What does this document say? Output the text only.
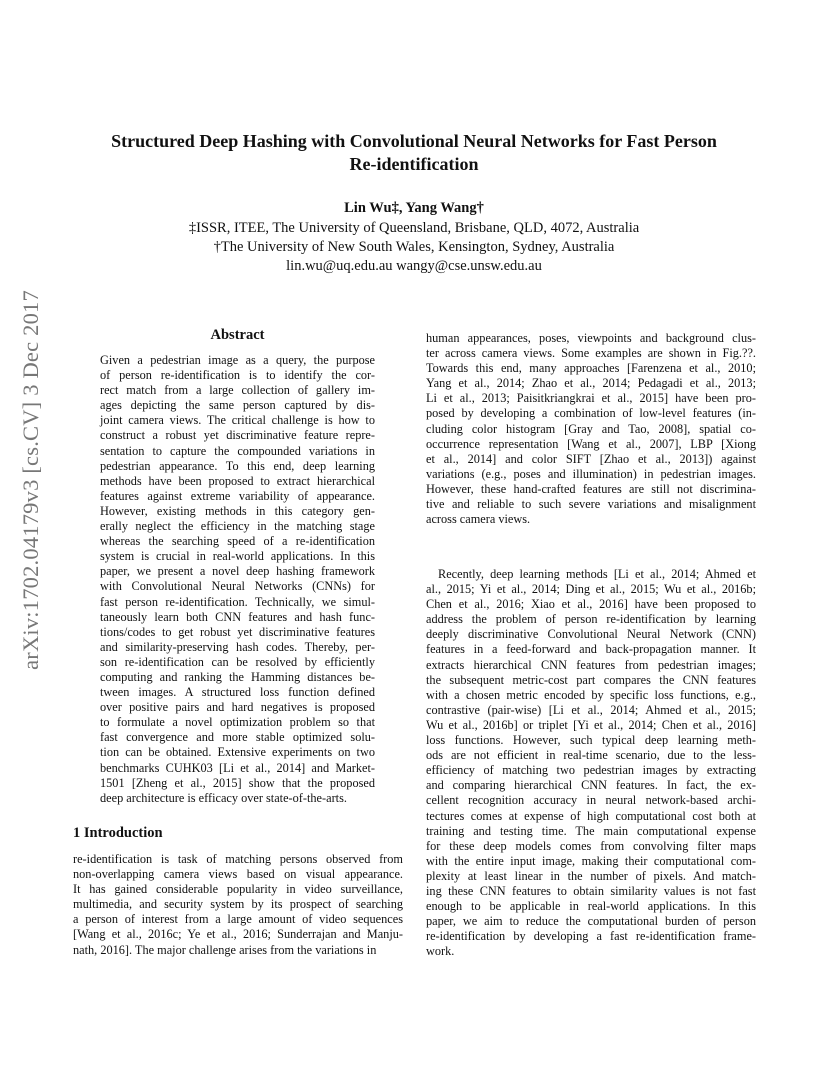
arXiv:1702.04179v3 [cs.CV] 3 Dec 2017
Structured Deep Hashing with Convolutional Neural Networks for Fast Person
Re-identification
Lin Wu‡, Yang Wang†
‡ISSR, ITEE, The University of Queensland, Brisbane, QLD, 4072, Australia
†The University of New South Wales, Kensington, Sydney, Australia
lin.wu@uq.edu.au wangy@cse.unsw.edu.au
Abstract
Given a pedestrian image as a query, the purpose
of person re-identification is to identify the cor-
rect match from a large collection of gallery im-
ages depicting the same person captured by dis-
joint camera views. The critical challenge is how to
construct a robust yet discriminative feature repre-
sentation to capture the compounded variations in
pedestrian appearance. To this end, deep learning
methods have been proposed to extract hierarchical
features against extreme variability of appearance.
However, existing methods in this category gen-
erally neglect the efficiency in the matching stage
whereas the searching speed of a re-identification
system is crucial in real-world applications. In this
paper, we present a novel deep hashing framework
with Convolutional Neural Networks (CNNs) for
fast person re-identification. Technically, we simul-
taneously learn both CNN features and hash func-
tions/codes to get robust yet discriminative features
and similarity-preserving hash codes. Thereby, per-
son re-identification can be resolved by efficiently
computing and ranking the Hamming distances be-
tween images. A structured loss function defined
over positive pairs and hard negatives is proposed
to formulate a novel optimization problem so that
fast convergence and more stable optimized solu-
tion can be obtained. Extensive experiments on two
benchmarks CUHK03 [Li et al., 2014] and Market-
1501 [Zheng et al., 2015] show that the proposed
deep architecture is efficacy over state-of-the-arts.
1 Introduction
re-identification is task of matching persons observed from
non-overlapping camera views based on visual appearance.
It has gained considerable popularity in video surveillance,
multimedia, and security system by its prospect of searching
a person of interest from a large amount of video sequences
[Wang et al., 2016c; Ye et al., 2016; Sunderrajan and Manju-
nath, 2016]. The major challenge arises from the variations in
human appearances, poses, viewpoints and background clus-
ter across camera views. Some examples are shown in Fig.??.
Towards this end, many approaches [Farenzena et al., 2010;
Yang et al., 2014; Zhao et al., 2014; Pedagadi et al., 2013;
Li et al., 2013; Paisitkriangkrai et al., 2015] have been pro-
posed by developing a combination of low-level features (in-
cluding color histogram [Gray and Tao, 2008], spatial co-
occurrence representation [Wang et al., 2007], LBP [Xiong
et al., 2014] and color SIFT [Zhao et al., 2013]) against
variations (e.g., poses and illumination) in pedestrian images.
However, these hand-crafted features are still not discrimina-
tive and reliable to such severe variations and misalignment
across camera views.
Recently, deep learning methods [Li et al., 2014; Ahmed et
al., 2015; Yi et al., 2014; Ding et al., 2015; Wu et al., 2016b;
Chen et al., 2016; Xiao et al., 2016] have been proposed to
address the problem of person re-identification by learning
deeply discriminative Convolutional Neural Network (CNN)
features in a feed-forward and back-propagation manner. It
extracts hierarchical CNN features from pedestrian images;
the subsequent metric-cost part compares the CNN features
with a chosen metric encoded by specific loss functions, e.g.,
contrastive (pair-wise) [Li et al., 2014; Ahmed et al., 2015;
Wu et al., 2016b] or triplet [Yi et al., 2014; Chen et al., 2016]
loss functions. However, such typical deep learning meth-
ods are not efficient in real-time scenario, due to the less-
efficiency of matching two pedestrian images by extracting
and comparing hierarchical CNN features. In fact, the ex-
cellent recognition accuracy in neural network-based archi-
tectures comes at expense of high computational cost both at
training and testing time. The main computational expense
for these deep models comes from convolving filter maps
with the entire input image, making their computational com-
plexity at least linear in the number of pixels. And match-
ing these CNN features to obtain similarity values is not fast
enough to be applicable in real-world applications. In this
paper, we aim to reduce the computational burden of person
re-identification by developing a fast re-identification frame-
work.
